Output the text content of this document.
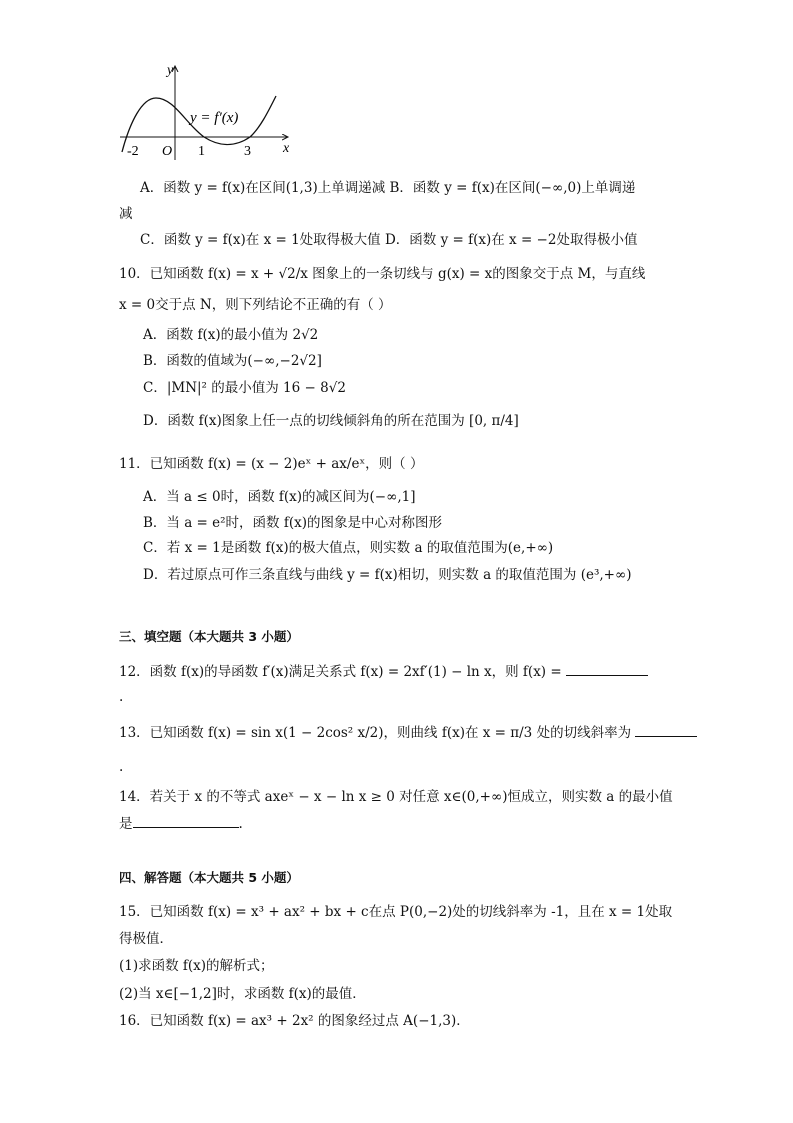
y
x
O
-2	1	3
y = f′(x)
A．函数 y = f(x)在区间(1,3)上单调递减 B．函数 y = f(x)在区间(−∞,0)上单调递
减
C．函数 y = f(x)在 x = 1处取得极大值 D．函数 y = f(x)在 x = −2处取得极小值
10．已知函数 f(x) = x + √2/x 图象上的一条切线与 g(x) = x的图象交于点 M，与直线
x = 0交于点 N，则下列结论不正确的有（ ）
A．函数 f(x)的最小值为 2√2
B．函数的值域为(−∞,−2√2]
C．|MN|² 的最小值为 16 − 8√2
D．函数 f(x)图象上任一点的切线倾斜角的所在范围为 [0, π/4]
11．已知函数 f(x) = (x − 2)eˣ + ax/eˣ，则（ ）
A．当 a ≤ 0时，函数 f(x)的减区间为(−∞,1]
B．当 a = e²时，函数 f(x)的图象是中心对称图形
C．若 x = 1是函数 f(x)的极大值点，则实数 a 的取值范围为(e,+∞)
D．若过原点可作三条直线与曲线 y = f(x)相切，则实数 a 的取值范围为 (e³,+∞)
三、填空题（本大题共 3 小题）
12．函数 f(x)的导函数 f′(x)满足关系式 f(x) = 2xf′(1) − ln x，则 f(x) =
.
13．已知函数 f(x) = sin x(1 − 2cos² x/2)，则曲线 f(x)在 x = π/3 处的切线斜率为
.
14．若关于 x 的不等式 axeˣ − x − ln x ≥ 0 对任意 x∈(0,+∞)恒成立，则实数 a 的最小值
是	.
四、解答题（本大题共 5 小题）
15．已知函数 f(x) = x³ + ax² + bx + c在点 P(0,−2)处的切线斜率为 -1，且在 x = 1处取
得极值．
(1)求函数 f(x)的解析式；
(2)当 x∈[−1,2]时，求函数 f(x)的最值．
16．已知函数 f(x) = ax³ + 2x² 的图象经过点 A(−1,3)．
